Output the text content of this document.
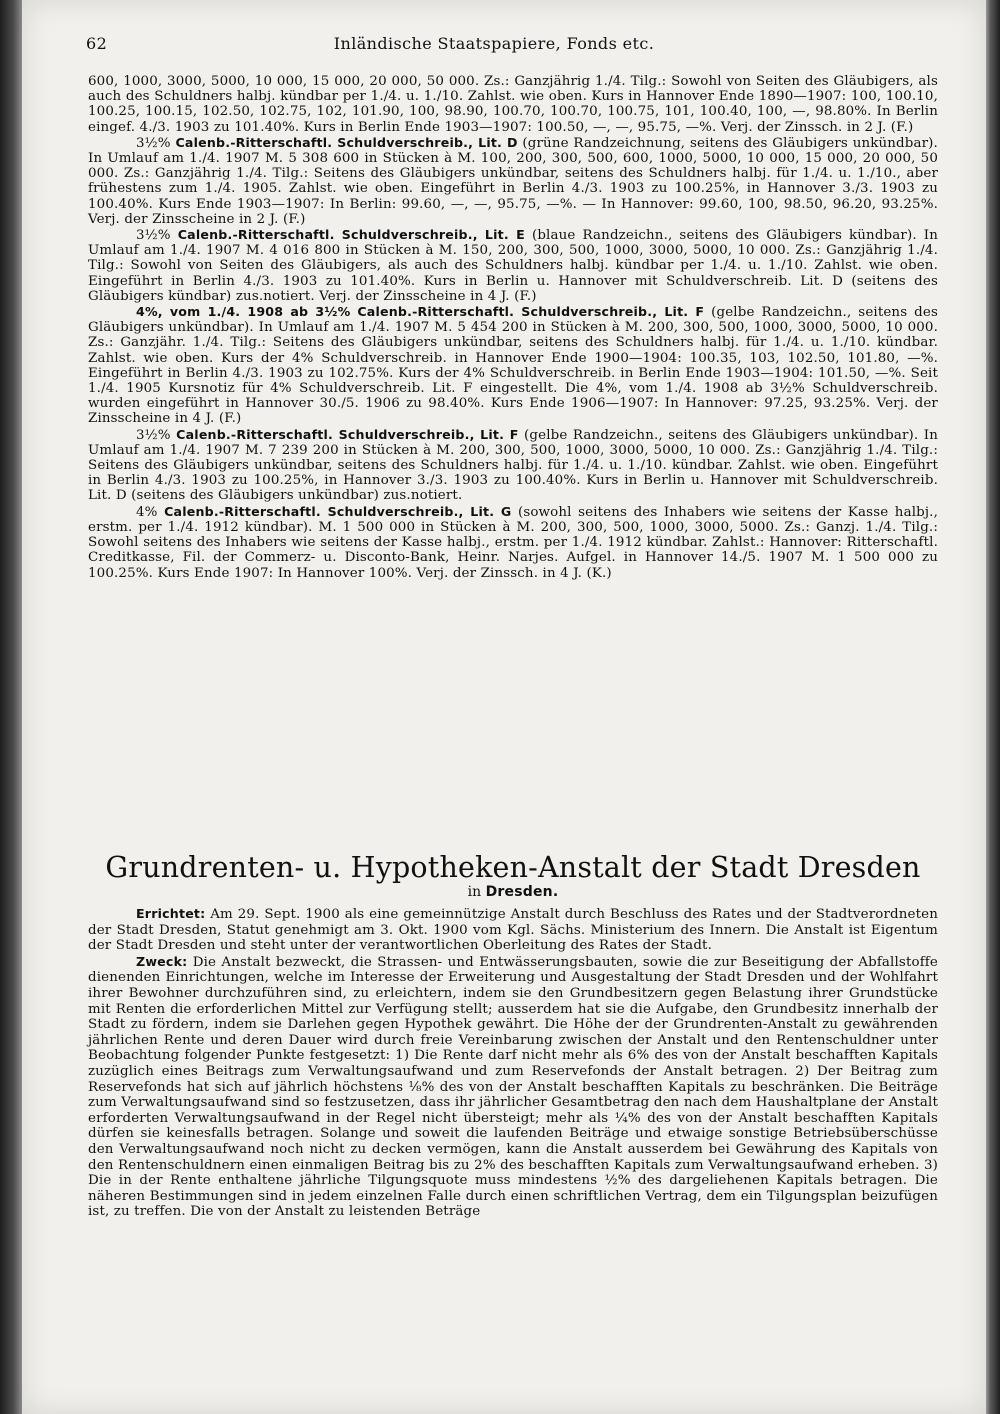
62	Inländische Staatspapiere, Fonds etc.

600, 1000, 3000, 5000, 10 000, 15 000, 20 000, 50 000. Zs.: Ganzjährig 1./4. Tilg.: Sowohl von Seiten des Gläubigers, als auch des Schuldners halbj. kündbar per 1./4. u. 1./10. Zahlst. wie oben. Kurs in Hannover Ende 1890—1907: 100, 100.10, 100.25, 100.15, 102.50, 102.75, 102, 101.90, 100, 98.90, 100.70, 100.70, 100.75, 101, 100.40, 100, —, 98.80%. In Berlin eingef. 4./3. 1903 zu 101.40%. Kurs in Berlin Ende 1903—1907: 100.50, —, —, 95.75, —%. Verj. der Zinssch. in 2 J. (F.)

3½% Calenb.-Ritterschaftl. Schuldverschreib., Lit. D (grüne Randzeichnung, seitens des Gläubigers unkündbar). In Umlauf am 1./4. 1907 M. 5 308 600 in Stücken à M. 100, 200, 300, 500, 600, 1000, 5000, 10 000, 15 000, 20 000, 50 000. Zs.: Ganzjährig 1./4. Tilg.: Seitens des Gläubigers unkündbar, seitens des Schuldners halbj. für 1./4. u. 1./10., aber frühestens zum 1./4. 1905. Zahlst. wie oben. Eingeführt in Berlin 4./3. 1903 zu 100.25%, in Hannover 3./3. 1903 zu 100.40%. Kurs Ende 1903—1907: In Berlin: 99.60, —, —, 95.75, —%. — In Hannover: 99.60, 100, 98.50, 96.20, 93.25%. Verj. der Zinsscheine in 2 J. (F.)

3½% Calenb.-Ritterschaftl. Schuldverschreib., Lit. E (blaue Randzeichn., seitens des Gläubigers kündbar). In Umlauf am 1./4. 1907 M. 4 016 800 in Stücken à M. 150, 200, 300, 500, 1000, 3000, 5000, 10 000. Zs.: Ganzjährig 1./4. Tilg.: Sowohl von Seiten des Gläubigers, als auch des Schuldners halbj. kündbar per 1./4. u. 1./10. Zahlst. wie oben. Eingeführt in Berlin 4./3. 1903 zu 101.40%. Kurs in Berlin u. Hannover mit Schuldverschreib. Lit. D (seitens des Gläubigers kündbar) zus.notiert. Verj. der Zinsscheine in 4 J. (F.)

4%, vom 1./4. 1908 ab 3½% Calenb.-Ritterschaftl. Schuldverschreib., Lit. F (gelbe Randzeichn., seitens des Gläubigers unkündbar). In Umlauf am 1./4. 1907 M. 5 454 200 in Stücken à M. 200, 300, 500, 1000, 3000, 5000, 10 000. Zs.: Ganzjähr. 1./4. Tilg.: Seitens des Gläubigers unkündbar, seitens des Schuldners halbj. für 1./4. u. 1./10. kündbar. Zahlst. wie oben. Kurs der 4% Schuldverschreib. in Hannover Ende 1900—1904: 100.35, 103, 102.50, 101.80, —%. Eingeführt in Berlin 4./3. 1903 zu 102.75%. Kurs der 4% Schuldverschreib. in Berlin Ende 1903—1904: 101.50, —%. Seit 1./4. 1905 Kursnotiz für 4% Schuldverschreib. Lit. F eingestellt. Die 4%, vom 1./4. 1908 ab 3½% Schuldverschreib. wurden eingeführt in Hannover 30./5. 1906 zu 98.40%. Kurs Ende 1906—1907: In Hannover: 97.25, 93.25%. Verj. der Zinsscheine in 4 J. (F.)

3½% Calenb.-Ritterschaftl. Schuldverschreib., Lit. F (gelbe Randzeichn., seitens des Gläubigers unkündbar). In Umlauf am 1./4. 1907 M. 7 239 200 in Stücken à M. 200, 300, 500, 1000, 3000, 5000, 10 000. Zs.: Ganzjährig 1./4. Tilg.: Seitens des Gläubigers unkündbar, seitens des Schuldners halbj. für 1./4. u. 1./10. kündbar. Zahlst. wie oben. Eingeführt in Berlin 4./3. 1903 zu 100.25%, in Hannover 3./3. 1903 zu 100.40%. Kurs in Berlin u. Hannover mit Schuldverschreib. Lit. D (seitens des Gläubigers unkündbar) zus.notiert.

4% Calenb.-Ritterschaftl. Schuldverschreib., Lit. G (sowohl seitens des Inhabers wie seitens der Kasse halbj., erstm. per 1./4. 1912 kündbar). M. 1 500 000 in Stücken à M. 200, 300, 500, 1000, 3000, 5000. Zs.: Ganzj. 1./4. Tilg.: Sowohl seitens des Inhabers wie seitens der Kasse halbj., erstm. per 1./4. 1912 kündbar. Zahlst.: Hannover: Ritterschaftl. Creditkasse, Fil. der Commerz- u. Disconto-Bank, Heinr. Narjes. Aufgel. in Hannover 14./5. 1907 M. 1 500 000 zu 100.25%. Kurs Ende 1907: In Hannover 100%. Verj. der Zinssch. in 4 J. (K.)

Grundrenten- u. Hypotheken-Anstalt der Stadt Dresden
in Dresden.

Errichtet: Am 29. Sept. 1900 als eine gemeinnützige Anstalt durch Beschluss des Rates und der Stadtverordneten der Stadt Dresden, Statut genehmigt am 3. Okt. 1900 vom Kgl. Sächs. Ministerium des Innern. Die Anstalt ist Eigentum der Stadt Dresden und steht unter der verantwortlichen Oberleitung des Rates der Stadt.

Zweck: Die Anstalt bezweckt, die Strassen- und Entwässerungsbauten, sowie die zur Beseitigung der Abfallstoffe dienenden Einrichtungen, welche im Interesse der Erweiterung und Ausgestaltung der Stadt Dresden und der Wohlfahrt ihrer Bewohner durchzuführen sind, zu erleichtern, indem sie den Grundbesitzern gegen Belastung ihrer Grundstücke mit Renten die erforderlichen Mittel zur Verfügung stellt; ausserdem hat sie die Aufgabe, den Grundbesitz innerhalb der Stadt zu fördern, indem sie Darlehen gegen Hypothek gewährt. Die Höhe der der Grundrenten-Anstalt zu gewährenden jährlichen Rente und deren Dauer wird durch freie Vereinbarung zwischen der Anstalt und den Rentenschuldner unter Beobachtung folgender Punkte festgesetzt: 1) Die Rente darf nicht mehr als 6% des von der Anstalt beschafften Kapitals zuzüglich eines Beitrags zum Verwaltungsaufwand und zum Reservefonds der Anstalt betragen. 2) Der Beitrag zum Reservefonds hat sich auf jährlich höchstens ⅛% des von der Anstalt beschafften Kapitals zu beschränken. Die Beiträge zum Verwaltungsaufwand sind so festzusetzen, dass ihr jährlicher Gesamtbetrag den nach dem Haushaltplane der Anstalt erforderten Verwaltungsaufwand in der Regel nicht übersteigt; mehr als ¼% des von der Anstalt beschafften Kapitals dürfen sie keinesfalls betragen. Solange und soweit die laufenden Beiträge und etwaige sonstige Betriebsüberschüsse den Verwaltungsaufwand noch nicht zu decken vermögen, kann die Anstalt ausserdem bei Gewährung des Kapitals von den Rentenschuldnern einen einmaligen Beitrag bis zu 2% des beschafften Kapitals zum Verwaltungsaufwand erheben. 3) Die in der Rente enthaltene jährliche Tilgungsquote muss mindestens ½% des dargeliehenen Kapitals betragen. Die näheren Bestimmungen sind in jedem einzelnen Falle durch einen schriftlichen Vertrag, dem ein Tilgungsplan beizufügen ist, zu treffen. Die von der Anstalt zu leistenden Beträge
